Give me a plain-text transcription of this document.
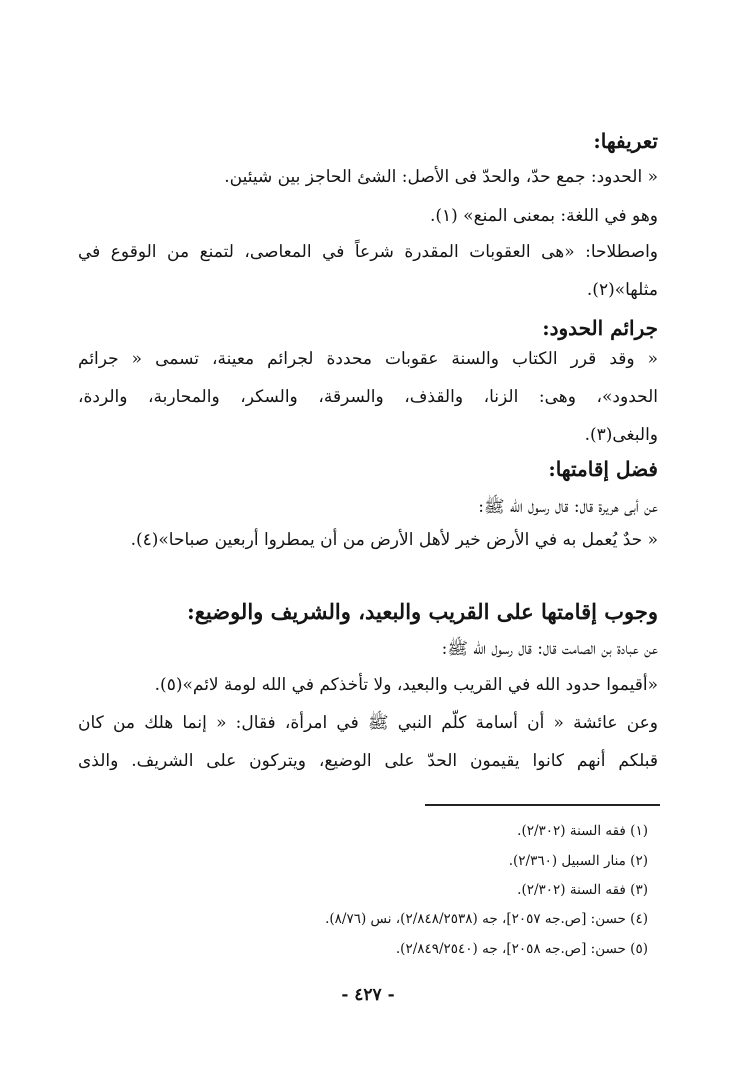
تعريفها:

« الحدود: جمع حدّ، والحدّ فى الأصل: الشئ الحاجز بين شيئين.

وهو في اللغة: بمعنى المنع» (١).

واصطلاحا: «هى العقوبات المقدرة شرعاً في المعاصى، لتمنع من الوقوع في

مثلها»(٢).

جرائم الحدود:

« وقد قرر الكتاب والسنة عقوبات محددة لجرائم معينة، تسمى « جرائم

الحدود»، وهى: الزنا، والقذف، والسرقة، والسكر، والمحاربة، والردة،

والبغى(٣).

فضل إقامتها:

عن أبى هريرة قال: قال رسول الله ﷺ:

« حدٌ يُعمل به في الأرض خير لأهل الأرض من أن يمطروا أربعين صباحا»(٤).

وجوب إقامتها على القريب والبعيد، والشريف والوضيع:

عن عبادة بن الصامت قال: قال رسول الله ﷺ:

«أقيموا حدود الله في القريب والبعيد، ولا تأخذكم في الله لومة لائم»(٥).

وعن عائشة « أن أسامة كلّم النبي ﷺ في امرأة، فقال: « إنما هلك من كان

قبلكم أنهم كانوا يقيمون الحدّ على الوضيع، ويتركون على الشريف. والذى

(١) فقه السنة (٢/٣٠٢).

(٢) منار السبيل (٢/٣٦٠).

(٣) فقه السنة (٢/٣٠٢).

(٤) حسن: [ص.جه ٢٠٥٧]، جه (٢/٨٤٨/٢٥٣٨)، نس (٨/٧٦).

(٥) حسن: [ص.جه ٢٠٥٨]، جه (٢/٨٤٩/٢٥٤٠).

- ٤٢٧ -
